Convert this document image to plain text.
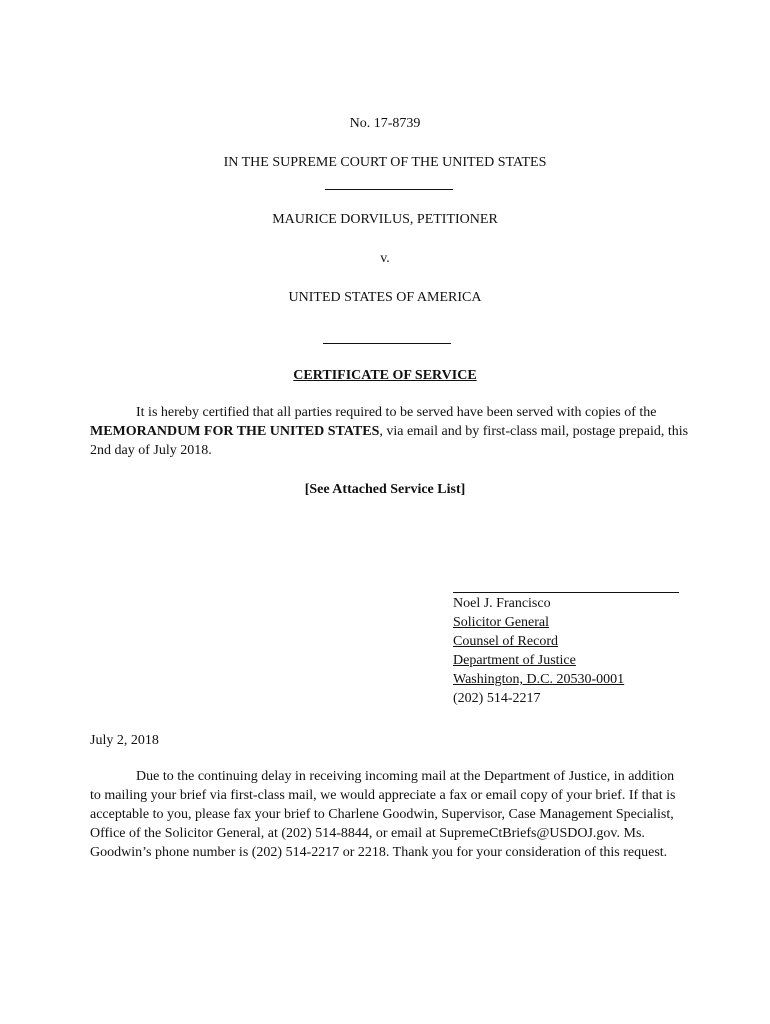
No. 17-8739
IN THE SUPREME COURT OF THE UNITED STATES
MAURICE DORVILUS, PETITIONER
v.
UNITED STATES OF AMERICA
CERTIFICATE OF SERVICE
It is hereby certified that all parties required to be served have been served with copies of the MEMORANDUM FOR THE UNITED STATES, via email and by first-class mail, postage prepaid, this 2nd day of July 2018.
[See Attached Service List]
Noel J. Francisco
Solicitor General
Counsel of Record
Department of Justice
Washington, D.C. 20530-0001
(202) 514-2217
July 2, 2018
Due to the continuing delay in receiving incoming mail at the Department of Justice, in addition to mailing your brief via first-class mail, we would appreciate a fax or email copy of your brief. If that is acceptable to you, please fax your brief to Charlene Goodwin, Supervisor, Case Management Specialist, Office of the Solicitor General, at (202) 514-8844, or email at SupremeCtBriefs@USDOJ.gov. Ms. Goodwin’s phone number is (202) 514-2217 or 2218. Thank you for your consideration of this request.
